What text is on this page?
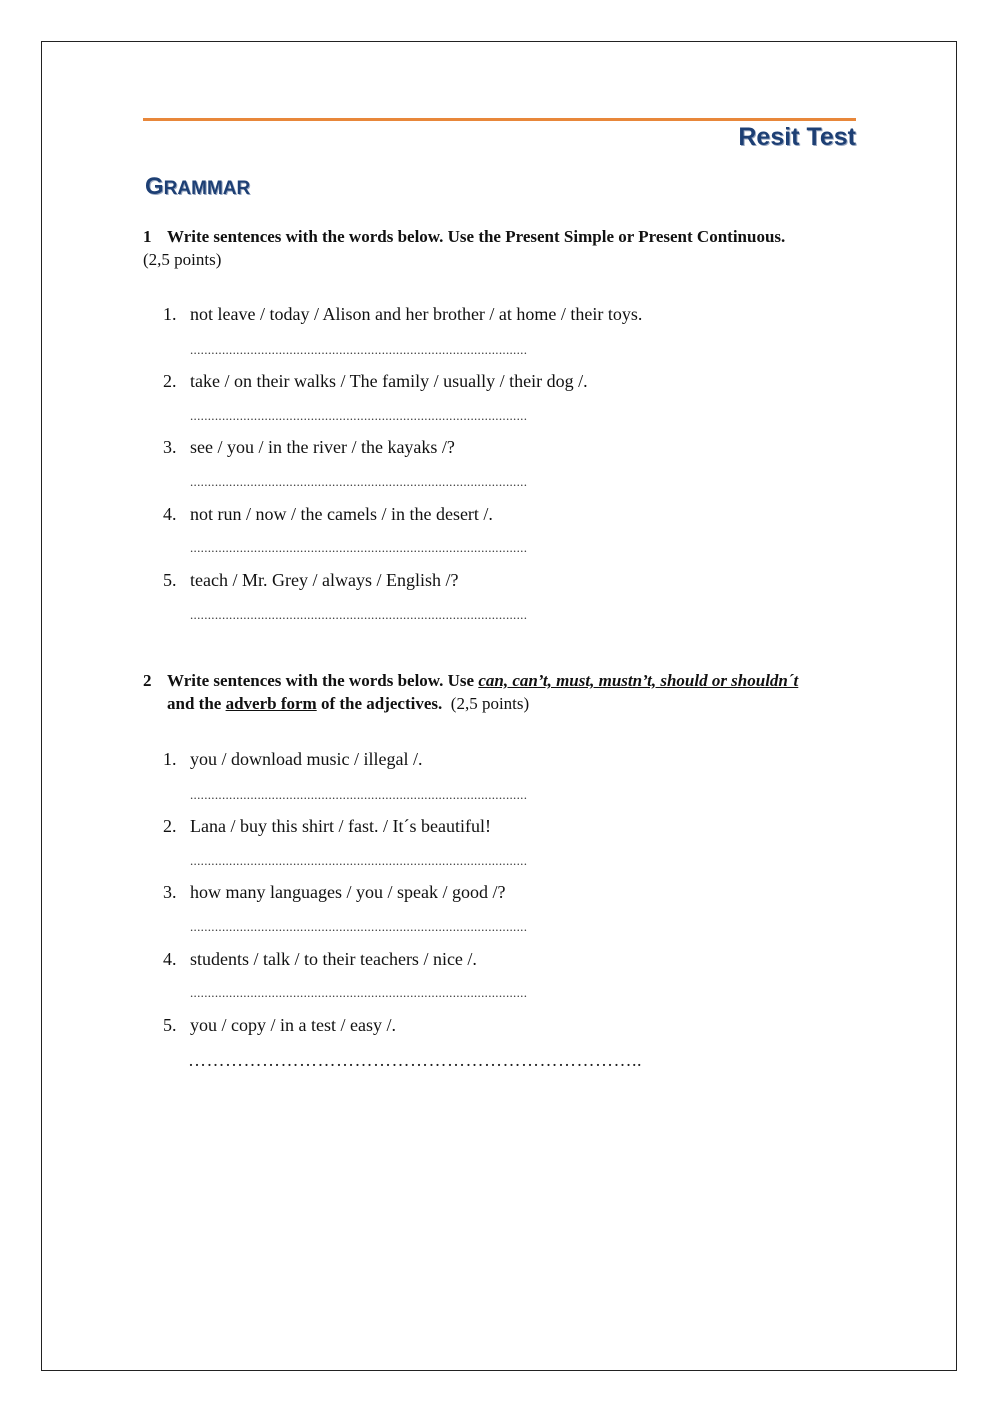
Resit Test
GRAMMAR
1 Write sentences with the words below. Use the Present Simple or Present Continuous.
(2,5 points)
1. not leave / today / Alison and her brother / at home / their toys.
...............................................................................................
2. take / on their walks / The family / usually / their dog /.
...............................................................................................
3. see / you / in the river / the kayaks /?
...............................................................................................
4. not run / now / the camels / in the desert /.
...............................................................................................
5. teach / Mr. Grey / always / English /?
...............................................................................................
2 Write sentences with the words below. Use can, can’t, must, mustn’t, should or shouldn´t
and the adverb form of the adjectives. (2,5 points)
1. you / download music / illegal /.
...............................................................................................
2. Lana / buy this shirt / fast. / It´s beautiful!
...............................................................................................
3. how many languages / you / speak / good /?
...............................................................................................
4. students / talk / to their teachers / nice /.
...............................................................................................
5. you / copy / in a test / easy /.
………………………………………………………………..
